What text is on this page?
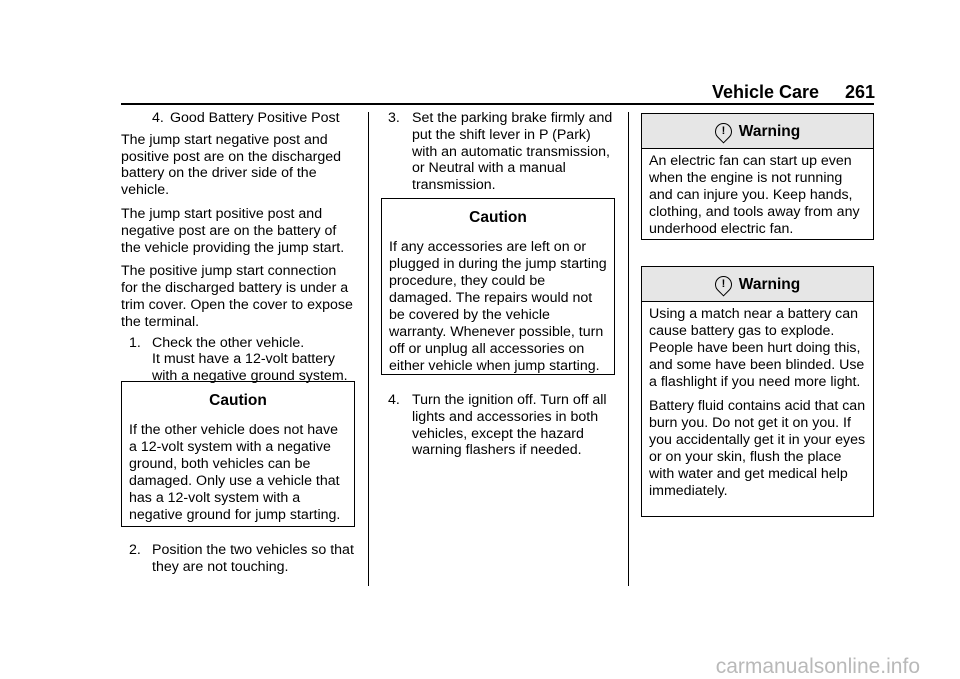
Vehicle Care 261
4. Good Battery Positive Post

The jump start negative post and positive post are on the discharged battery on the driver side of the vehicle.

The jump start positive post and negative post are on the battery of the vehicle providing the jump start.

The positive jump start connection for the discharged battery is under a trim cover. Open the cover to expose the terminal.

1. Check the other vehicle.
It must have a 12-volt battery with a negative ground system.
Caution

If the other vehicle does not have a 12-volt system with a negative ground, both vehicles can be damaged. Only use a vehicle that has a 12-volt system with a negative ground for jump starting.

2. Position the two vehicles so that they are not touching.
3. Set the parking brake firmly and put the shift lever in P (Park) with an automatic transmission, or Neutral with a manual transmission.
Caution

If any accessories are left on or plugged in during the jump starting procedure, they could be damaged. The repairs would not be covered by the vehicle warranty. Whenever possible, turn off or unplug all accessories on either vehicle when jump starting.

4. Turn the ignition off. Turn off all lights and accessories in both vehicles, except the hazard warning flashers if needed.
! Warning

An electric fan can start up even when the engine is not running and can injure you. Keep hands, clothing, and tools away from any underhood electric fan.

! Warning

Using a match near a battery can cause battery gas to explode. People have been hurt doing this, and some have been blinded. Use a flashlight if you need more light.

Battery fluid contains acid that can burn you. Do not get it on you. If you accidentally get it in your eyes or on your skin, flush the place with water and get medical help immediately.

carmanualsonline.info
